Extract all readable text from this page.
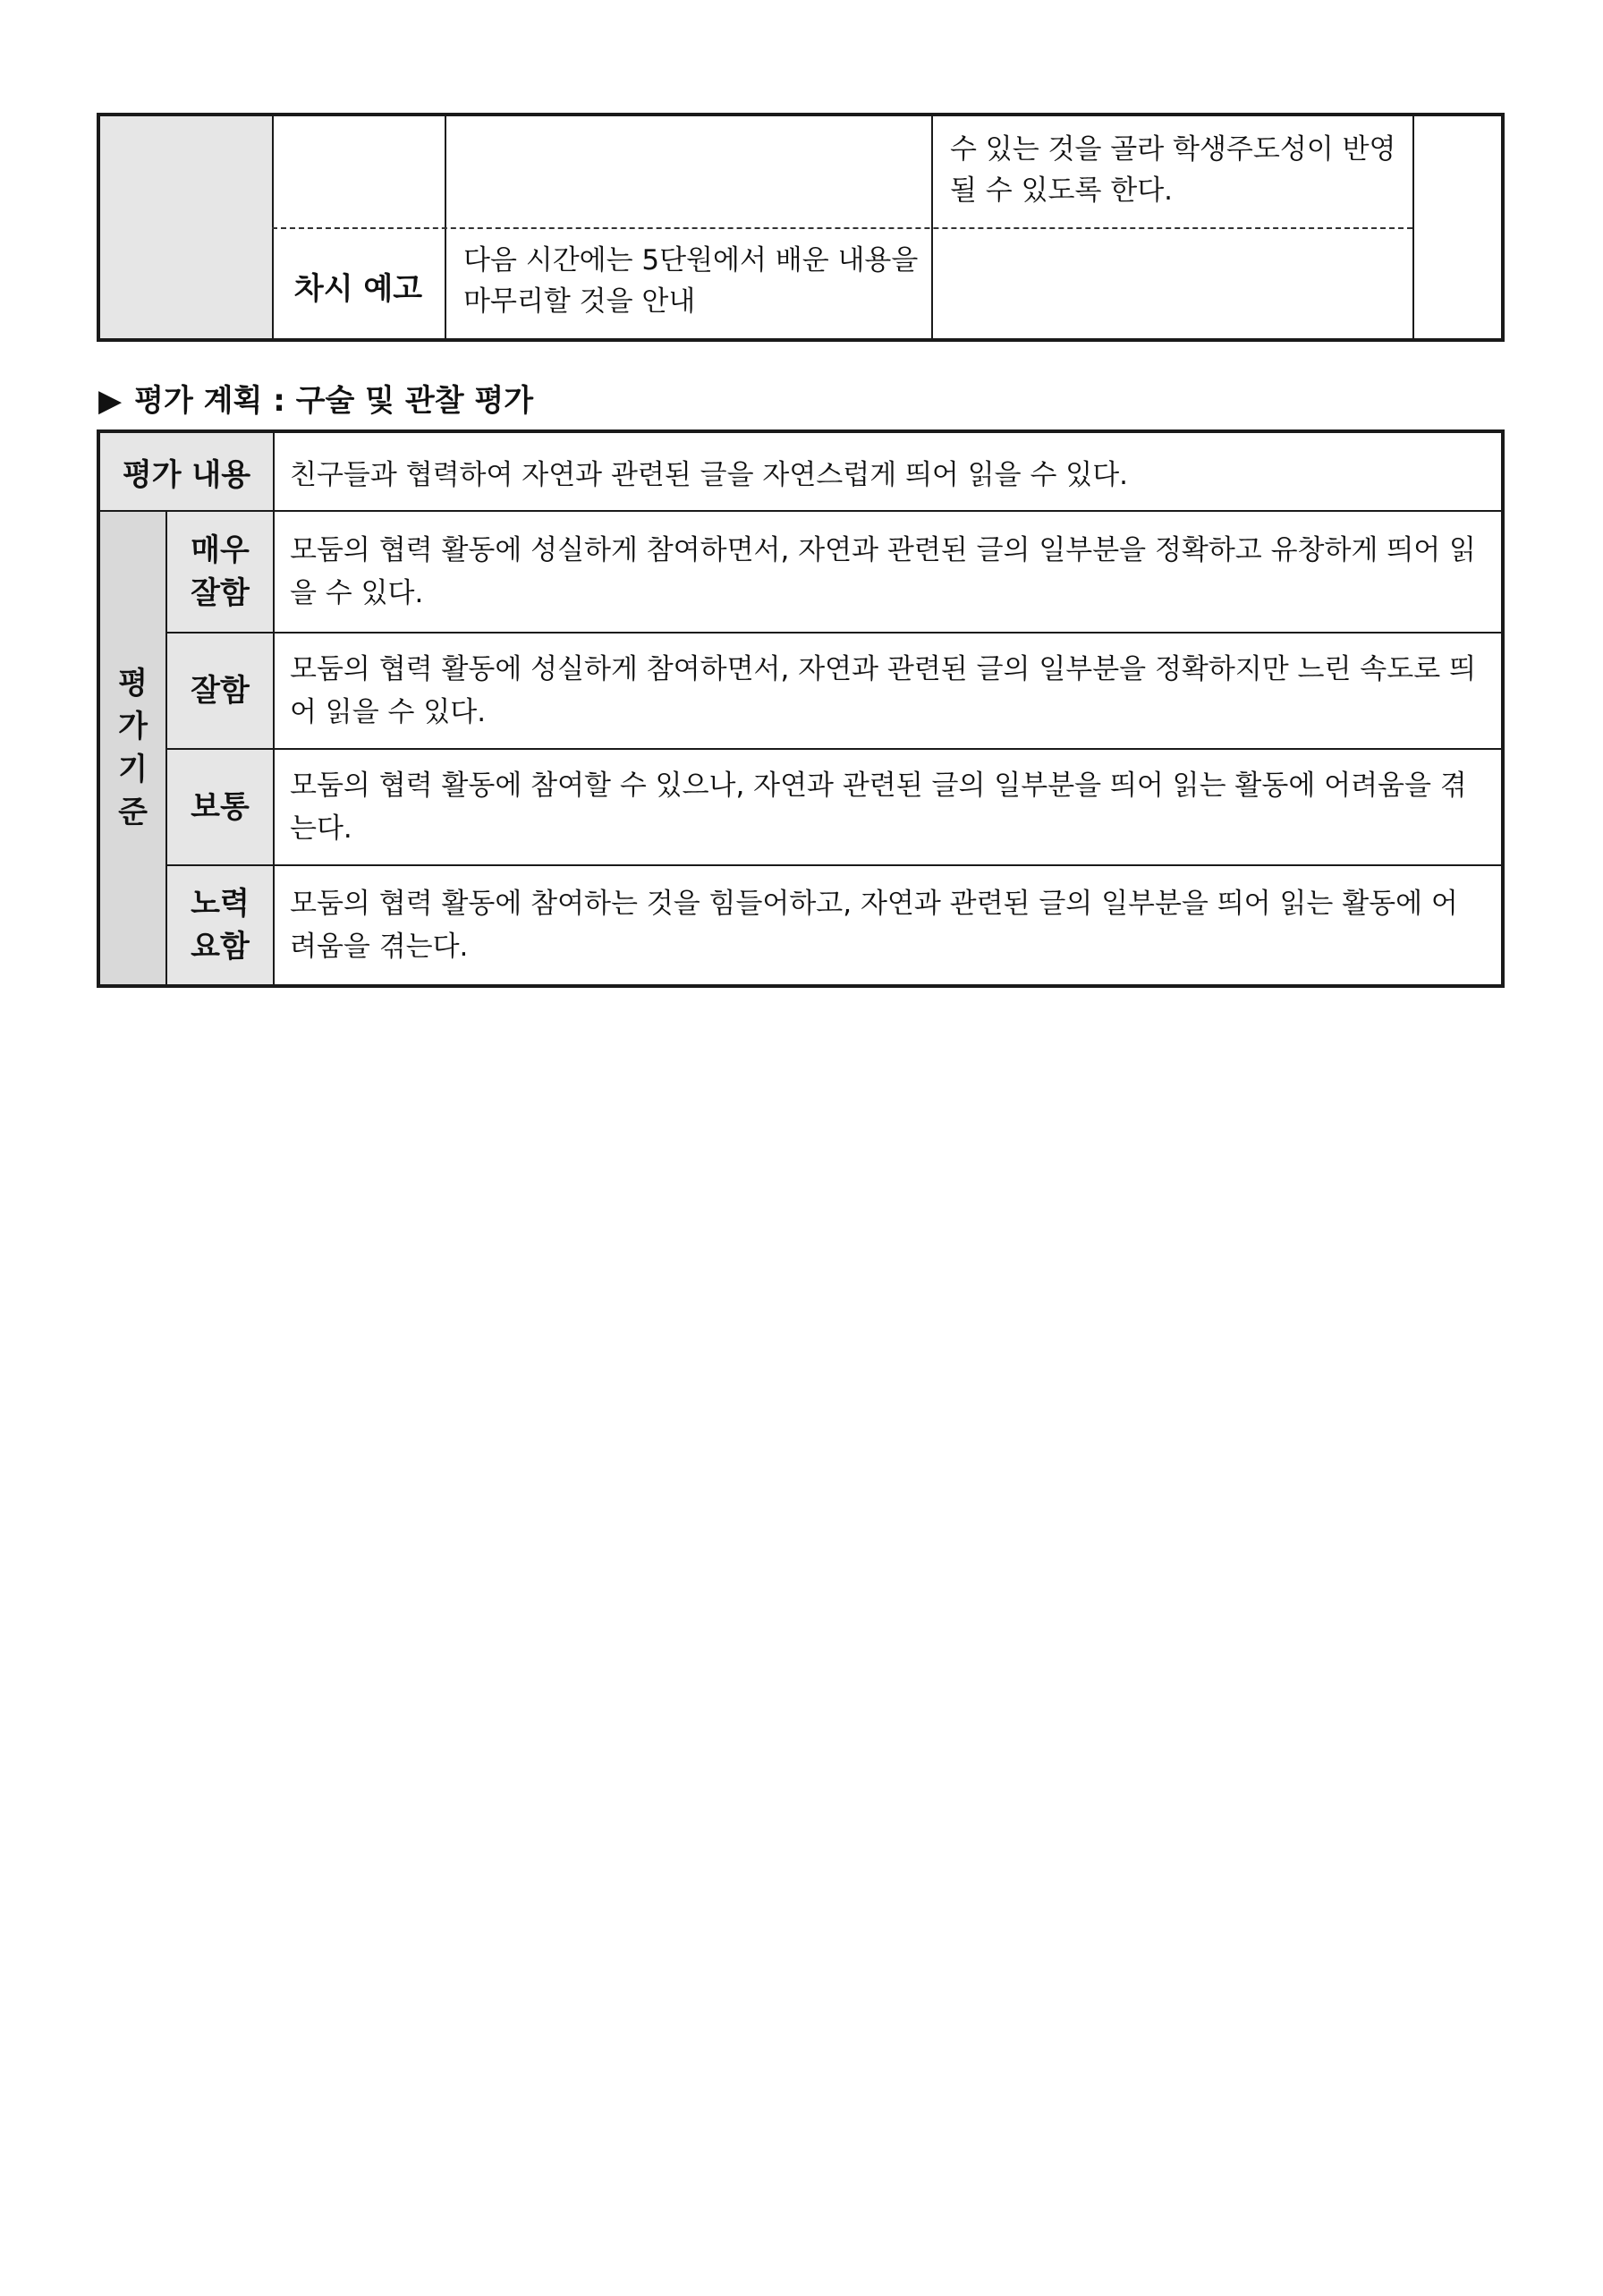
수 있는 것을 골라 학생주도성이 반영될 수 있도록 한다.
차시 예고
다음 시간에는 5단원에서 배운 내용을 마무리할 것을 안내
▶ 평가 계획 : 구술 및 관찰 평가
평가 내용	친구들과 협력하여 자연과 관련된 글을 자연스럽게 띄어 읽을 수 있다.
평가기준
매우 잘함
모둠의 협력 활동에 성실하게 참여하면서, 자연과 관련된 글의 일부분을 정확하고 유창하게 띄어 읽을 수 있다.
잘함
모둠의 협력 활동에 성실하게 참여하면서, 자연과 관련된 글의 일부분을 정확하지만 느린 속도로 띄어 읽을 수 있다.
보통
모둠의 협력 활동에 참여할 수 있으나, 자연과 관련된 글의 일부분을 띄어 읽는 활동에 어려움을 겪는다.
노력 요함
모둠의 협력 활동에 참여하는 것을 힘들어하고, 자연과 관련된 글의 일부분을 띄어 읽는 활동에 어려움을 겪는다.
